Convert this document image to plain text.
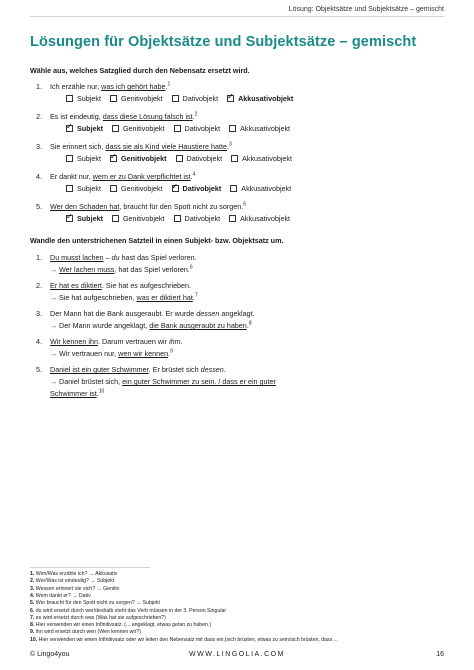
Lösung: Objektsätze und Subjektsätze – gemischt
Lösungen für Objektsätze und Subjektsätze – gemischt
© Lingo4you	WWW.LINGOLIA.COM	16
Wähle aus, welches Satzglied durch den Nebensatz ersetzt wird.
1. Ich erzähle nur, was ich gehört habe.$^1$
Subjekt	Genitivobjekt	Dativobjekt ✓	Akkusativobjekt
2. Es ist eindeutig, dass diese Lösung falsch ist.$^2$
✓Subjekt	Genitivobjekt	Dativobjekt	Akkusativobjekt
3. Sie erinnert sich, dass sie als Kind viele Haustiere hatte.$^3$
Subjekt ✓	Genitivobjekt	Dativobjekt	Akkusativobjekt
4. Er dankt nur, wem er zu Dank verpflichtet ist.$^4$
Subjekt	Genitivobjekt ✓	Dativobjekt	Akkusativobjekt
5. Wer den Schaden hat, braucht für den Spott nicht zu sorgen.$^5$
✓Subjekt	Genitivobjekt	Dativobjekt	Akkusativobjekt
Wandle den unterstrichenen Satzteil in einen Subjekt- bzw. Objektsatz um.
1. Du musst lachen – du hast das Spiel verloren.
→ Wer lachen muss, hat das Spiel verloren.$^6$
2. Er hat es diktiert. Sie hat es aufgeschrieben.
→ Sie hat aufgeschrieben, was er diktiert hat.$^7$
3. Der Mann hat die Bank ausgeraubt. Er wurde dessen angeklagt.
→ Der Mann wurde angeklagt, die Bank ausgeraubt zu haben.$^8$
4. Wir kennen ihn. Darum vertrauen wir ihm.
→ Wir vertrauen nur, wen wir kennen.$^9$
5. Daniel ist ein guter Schwimmer. Er brüstet sich dessen.
→ Daniel brüstet sich, ein guter Schwimmer zu sein. / dass er ein guter
Schwimmer ist.$^{10}$
1. Wen/Was erzähle ich? → Akkusativ
2. Wer/Was ist eindeutig? → Subjekt
3. Wessen erinnert sie sich? → Genitiv
4. Wem dankt er? → Dativ
5. Wer braucht für den Spott nicht zu sorgen? → Subjekt
6. du wird ersetzt durch wer/deshalb steht das Verb müssen in der 3. Person Singular
7. es wird ersetzt durch was (Was hat sie aufgeschrieben?)
8. Hier verwenden wir einen Infinitivsatz. (... angeklagt, etwas getan zu haben.)
9. ihn wird ersetzt durch wen (Wen kennen wir?)
10. Hier verwenden wir einen Infinitivsatz oder wir leiten den Nebensatz mit dass ein.(sich brüsten, etwas zu sein/sich brüsten, dass ...
